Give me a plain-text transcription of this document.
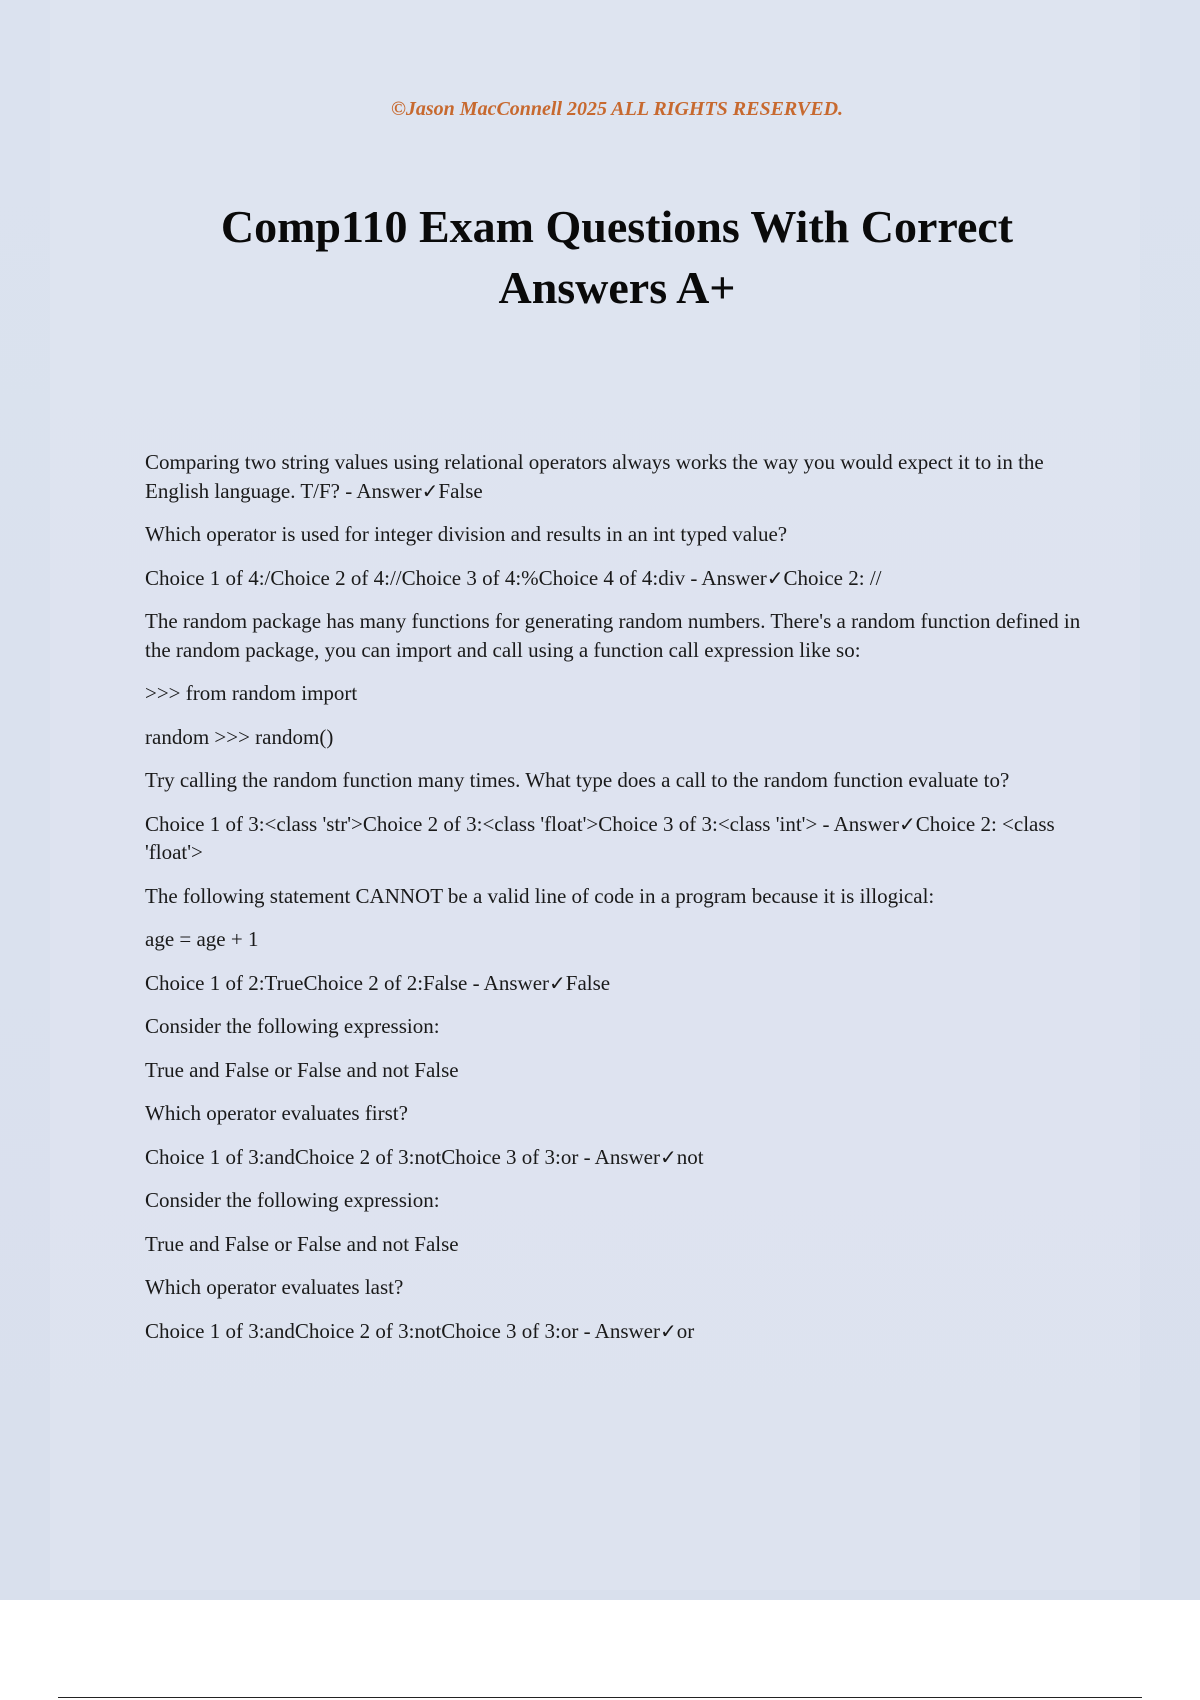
©Jason MacConnell 2025 ALL RIGHTS RESERVED.
Comp110 Exam Questions With Correct
Answers A+

Comparing two string values using relational operators always works the way you would expect it to in the English language. T/F? - Answer✓False

Which operator is used for integer division and results in an int typed value?

Choice 1 of 4:/Choice 2 of 4://Choice 3 of 4:%Choice 4 of 4:div - Answer✓Choice 2: //

The random package has many functions for generating random numbers. There's a random function defined in the random package, you can import and call using a function call expression like so:

>>> from random import

random >>> random()

Try calling the random function many times. What type does a call to the random function evaluate to?

Choice 1 of 3:<class 'str'>Choice 2 of 3:<class 'float'>Choice 3 of 3:<class 'int'> - Answer✓Choice 2: <class 'float'>

The following statement CANNOT be a valid line of code in a program because it is illogical:

age = age + 1

Choice 1 of 2:TrueChoice 2 of 2:False - Answer✓False

Consider the following expression:

True and False or False and not False

Which operator evaluates first?

Choice 1 of 3:andChoice 2 of 3:notChoice 3 of 3:or - Answer✓not

Consider the following expression:

True and False or False and not False

Which operator evaluates last?

Choice 1 of 3:andChoice 2 of 3:notChoice 3 of 3:or - Answer✓or
